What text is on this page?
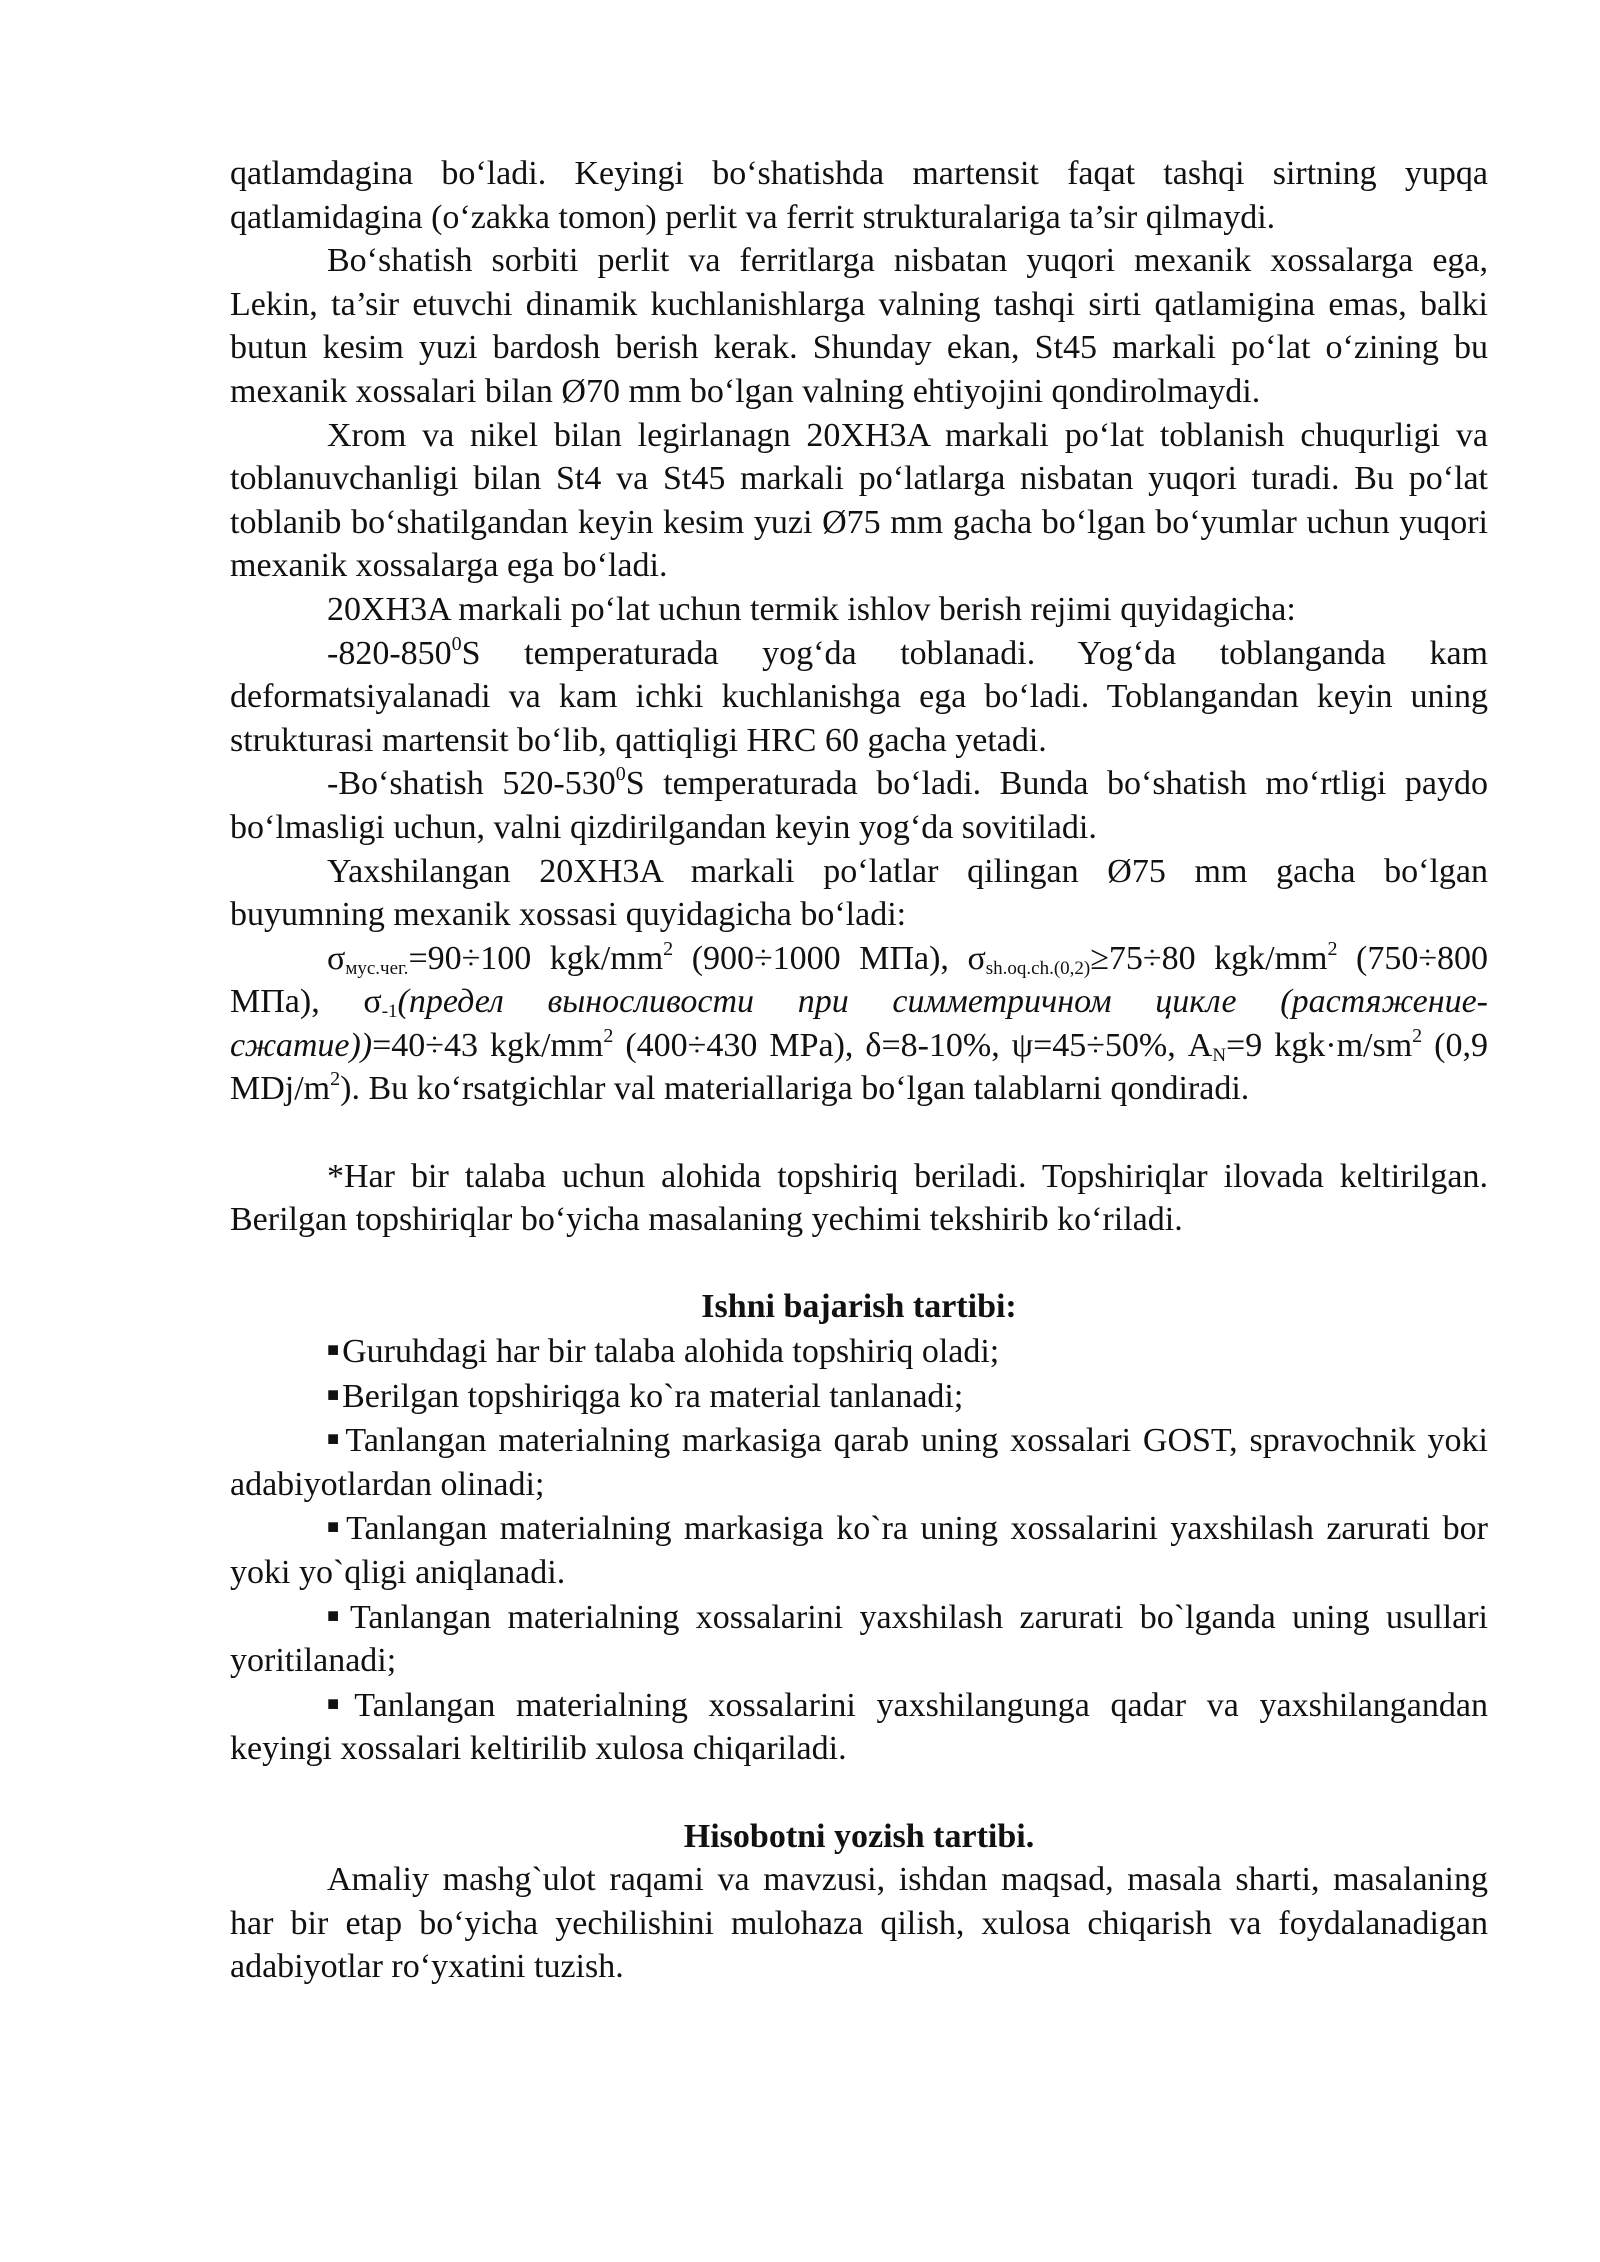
qatlamdagina bo‘ladi. Keyingi bo‘shatishda martensit faqat tashqi sirtning yupqa qatlamidagina (o‘zakka tomon) perlit va ferrit strukturalariga ta’sir qilmaydi.

Bo‘shatish sorbiti perlit va ferritlarga nisbatan yuqori mexanik xossalarga ega, Lekin, ta’sir etuvchi dinamik kuchlanishlarga valning tashqi sirti qatlamigina emas, balki butun kesim yuzi bardosh berish kerak. Shunday ekan, St45 markali po‘lat o‘zining bu mexanik xossalari bilan Ø70 mm bo‘lgan valning ehtiyojini qondirolmaydi.

Xrom va nikel bilan legirlanagn 20XH3A markali po‘lat toblanish chuqurligi va toblanuvchanligi bilan St4 va St45 markali po‘latlarga nisbatan yuqori turadi. Bu po‘lat toblanib bo‘shatilgandan keyin kesim yuzi Ø75 mm gacha bo‘lgan bo‘yumlar uchun yuqori mexanik xossalarga ega bo‘ladi.

20XH3A markali po‘lat uchun termik ishlov berish rejimi quyidagicha:

$-820-850^0S$ temperaturada yog‘da toblanadi. Yog‘da toblanganda kam deformatsiyalanadi va kam ichki kuchlanishga ega bo‘ladi. Toblangandan keyin uning strukturasi martensit bo‘lib, qattiqligi HRC 60 gacha yetadi.

-Bo‘shatish $520-530^0S$ temperaturada bo‘ladi. Bunda bo‘shatish mo‘rtligi paydo bo‘lmasligi uchun, valni qizdirilgandan keyin yog‘da sovitiladi.

Yaxshilangan 20XH3A markali po‘latlar qilingan Ø75 mm gacha bo‘lgan buyumning mexanik xossasi quyidagicha bo‘ladi:

$\sigma_{мус.чег.}=90\div 100$ kgk/$mm^2$ (900÷1000 МПа), $\sigma_{sh.oq.ch.(0,2)}\ge 75\div 80$ kgk/$mm^2$ (750÷800 МПа), $\sigma_{-1}(предел$ выносливости при симметричном цикле (растяжение-сжатие))=40÷43 kgk/$mm^2$ (400÷430 MPa), δ=8-10%, ψ=45÷50%, $A_N=9$ $kgk\cdot m/sm^2$ (0,9 MDj/$m^2$). Bu ko‘rsatgichlar val materiallariga bo‘lgan talablarni qondiradi.

*Har bir talaba uchun alohida topshiriq beriladi. Topshiriqlar ilovada keltirilgan. Berilgan topshiriqlar bo‘yicha masalaning yechimi tekshirib ko‘riladi.

Ishni bajarish tartibi:

■Guruhdagi har bir talaba alohida topshiriq oladi;

■Berilgan topshiriqga ko`ra material tanlanadi;

■Tanlangan materialning markasiga qarab uning xossalari GOST, spravochnik yoki adabiyotlardan olinadi;

■Tanlangan materialning markasiga ko`ra uning xossalarini yaxshilash zarurati bor yoki yo`qligi aniqlanadi.

■Tanlangan materialning xossalarini yaxshilash zarurati bo`lganda uning usullari yoritilanadi;

■Tanlangan materialning xossalarini yaxshilangunga qadar va yaxshilangandan keyingi xossalari keltirilib xulosa chiqariladi.

Hisobotni yozish tartibi.

Amaliy mashg`ulot raqami va mavzusi, ishdan maqsad, masala sharti, masalaning har bir etap bo‘yicha yechilishini mulohaza qilish, xulosa chiqarish va foydalanadigan adabiyotlar ro‘yxatini tuzish.
